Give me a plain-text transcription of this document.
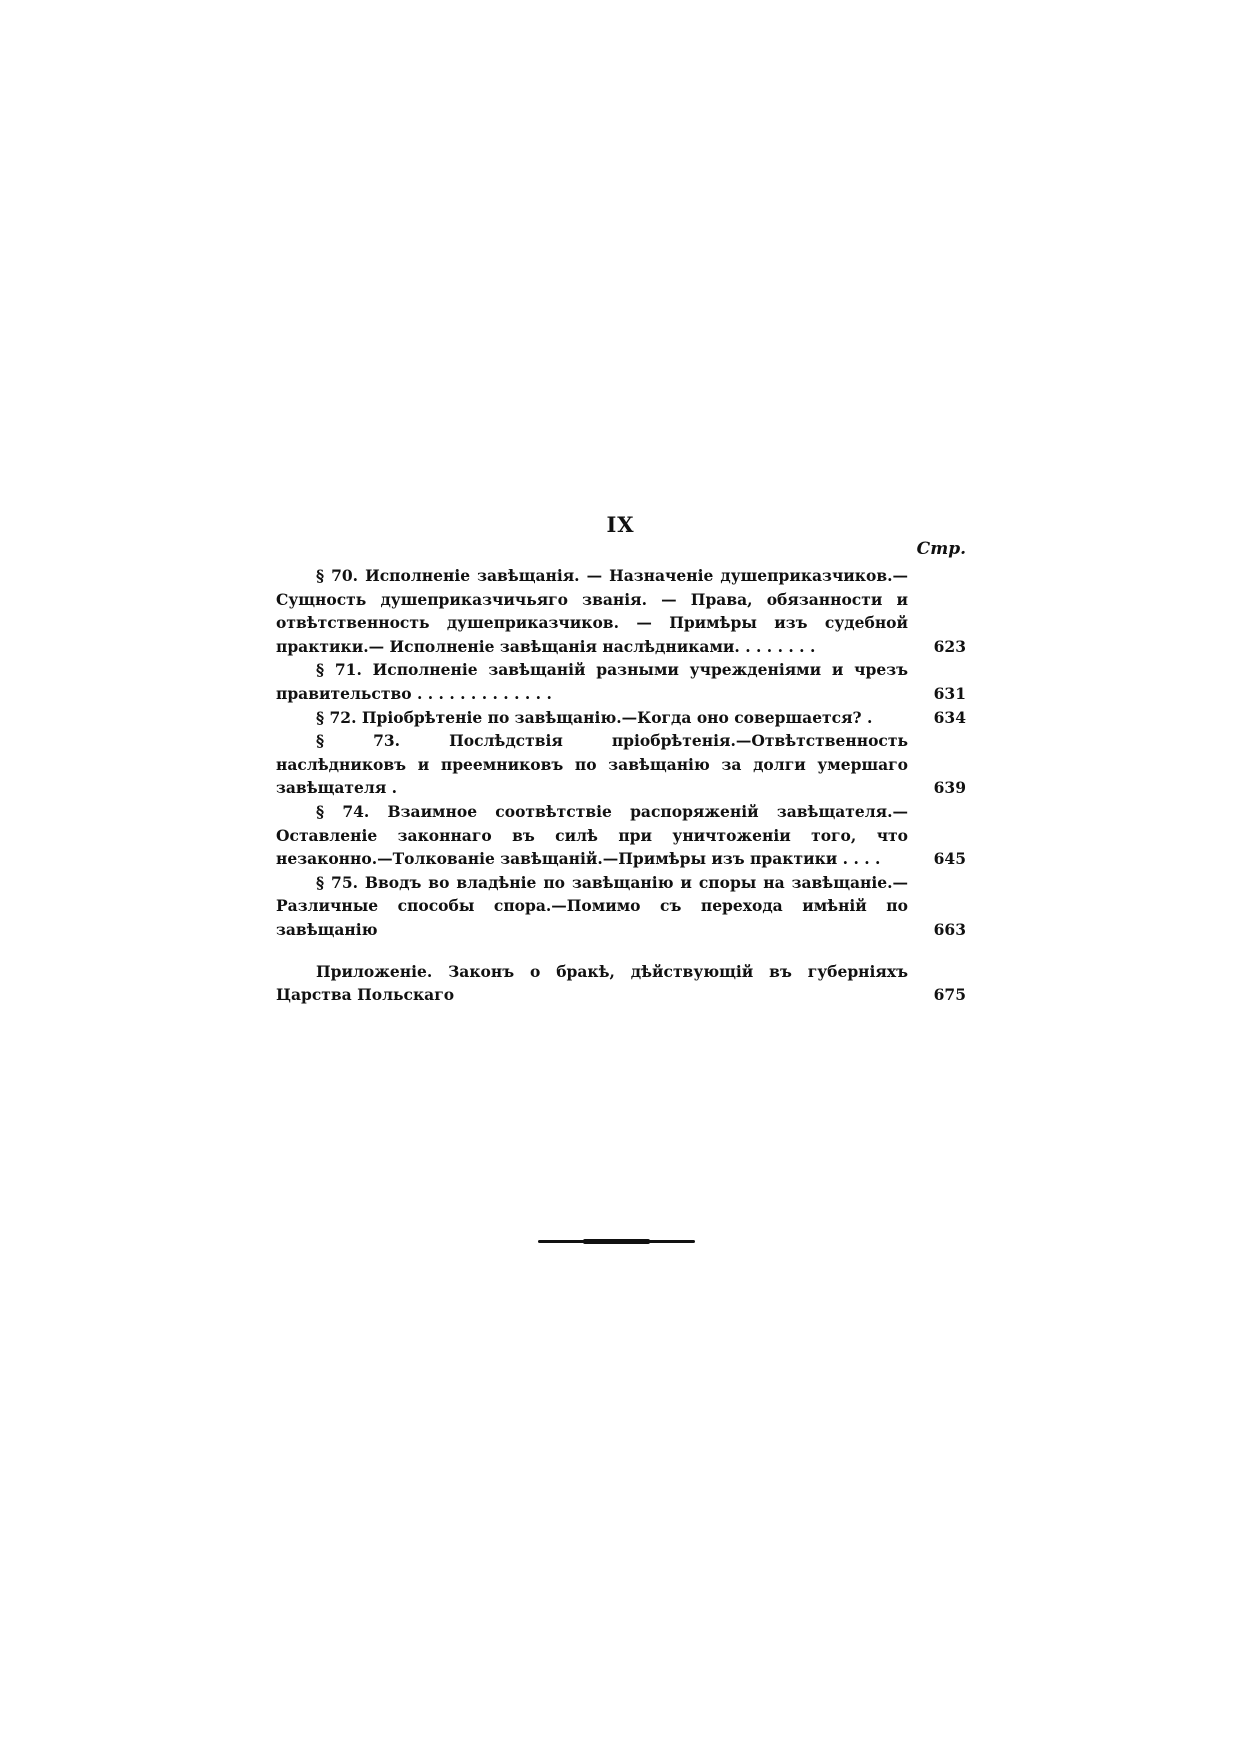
IX
Стр.
§ 70. Исполненіе завѣщанія. — Назначеніе душеприказчиков.— Сущность душеприказчичьяго званія. — Права, обязанности и отвѣтственность душеприказчиков. — Примѣры изъ судебной практики.— Исполненіе завѣщанія наслѣдниками. . . . . . . .	623
§ 71. Исполненіе завѣщаній разными учрежденіями и чрезъ правительство . . . . . . . . . . . . .	631
§ 72. Пріобрѣтеніе по завѣщанію.—Когда оно совершается? .	634
§ 73. Послѣдствія пріобрѣтенія.—Отвѣтственность наслѣдниковъ и преемниковъ по завѣщанію за долги умершаго завѣщателя .	639
§ 74. Взаимное соотвѣтствіе распоряженій завѣщателя.—Оставленіе законнаго въ силѣ при уничтоженіи того, что незаконно.—Толкованіе завѣщаній.—Примѣры изъ практики . . . .	645
§ 75. Вводъ во владѣніе по завѣщанію и споры на завѣщаніе.— Различные способы спора.—Помимо съ перехода имѣній по завѣщанію	663
Приложеніе. Законъ о бракѣ, дѣйствующій въ губерніяхъ Царства Польскаго	675
